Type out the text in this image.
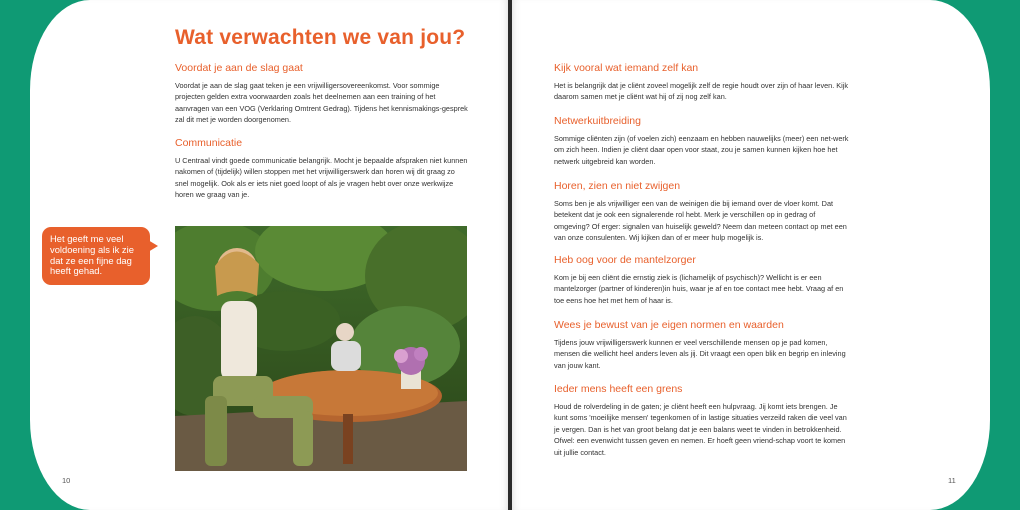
Wat verwachten we van jou?
Voordat je aan de slag gaat

Voordat je aan de slag gaat teken je een vrijwilligersovereenkomst. Voor sommige projecten gelden extra voorwaarden zoals het deelnemen aan een training of het aanvragen van een VOG (Verklaring Omtrent Gedrag). Tijdens het kennismakings-gesprek zal dit met je worden doorgenomen.

Communicatie

U Centraal vindt goede communicatie belangrijk. Mocht je bepaalde afspraken niet kunnen nakomen of (tijdelijk) willen stoppen met het vrijwilligerswerk dan horen wij dit graag zo snel mogelijk. Ook als er iets niet goed loopt of als je vragen hebt over onze werkwijze horen we graag van je.

Het geeft me veel voldoening als ik zie dat ze een fijne dag heeft gehad.
10
Kijk vooral wat iemand zelf kan

Het is belangrijk dat je cliënt zoveel mogelijk zelf de regie houdt over zijn of haar leven. Kijk daarom samen met je cliënt wat hij of zij nog zelf kan.

Netwerkuitbreiding

Sommige cliënten zijn (of voelen zich) eenzaam en hebben nauwelijks (meer) een net-werk om zich heen. Indien je cliënt daar open voor staat, zou je samen kunnen kijken hoe het netwerk uitgebreid kan worden.

Horen, zien en niet zwijgen

Soms ben je als vrijwilliger een van de weinigen die bij iemand over de vloer komt. Dat betekent dat je ook een signalerende rol hebt. Merk je verschillen op in gedrag of omgeving? Of erger: signalen van huiselijk geweld? Neem dan meteen contact op met een van onze consulenten. Wij kijken dan of er meer hulp mogelijk is.

Heb oog voor de mantelzorger

Kom je bij een cliënt die ernstig ziek is (lichamelijk of psychisch)? Wellicht is er een mantelzorger (partner of kinderen)in huis, waar je af en toe contact mee hebt. Vraag af en toe eens hoe het met hem of haar is.

Wees je bewust van je eigen normen en waarden

Tijdens jouw vrijwilligerswerk kunnen er veel verschillende mensen op je pad komen, mensen die wellicht heel anders leven als jij. Dit vraagt een open blik en begrip en inleving van jouw kant.

Ieder mens heeft een grens

Houd de rolverdeling in de gaten; je cliënt heeft een hulpvraag. Jij komt iets brengen. Je kunt soms 'moeilijke mensen' tegenkomen of in lastige situaties verzeild raken die veel van je vergen. Dan is het van groot belang dat je een balans weet te vinden in betrokkenheid. Ofwel: een evenwicht tussen geven en nemen. Er hoeft geen vriend-schap voort te komen uit jullie contact.

11
